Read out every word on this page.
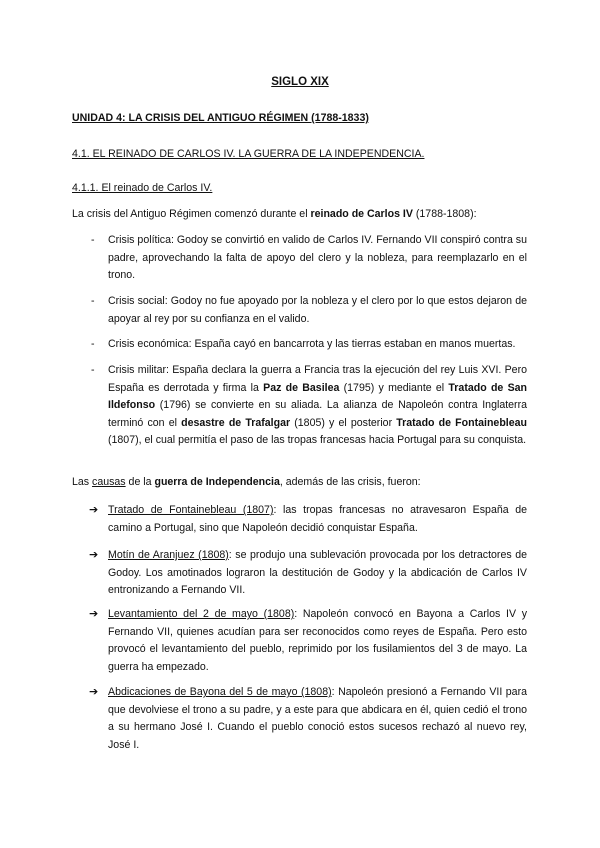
SIGLO XIX
UNIDAD 4: LA CRISIS DEL ANTIGUO RÉGIMEN (1788-1833)
4.1. EL REINADO DE CARLOS IV. LA GUERRA DE LA INDEPENDENCIA.
4.1.1. El reinado de Carlos IV.
La crisis del Antiguo Régimen comenzó durante el reinado de Carlos IV (1788-1808):
- Crisis política: Godoy se convirtió en valido de Carlos IV. Fernando VII conspiró contra su padre, aprovechando la falta de apoyo del clero y la nobleza, para reemplazarlo en el trono.
- Crisis social: Godoy no fue apoyado por la nobleza y el clero por lo que estos dejaron de apoyar al rey por su confianza en el valido.
- Crisis económica: España cayó en bancarrota y las tierras estaban en manos muertas.
- Crisis militar: España declara la guerra a Francia tras la ejecución del rey Luis XVI. Pero España es derrotada y firma la Paz de Basilea (1795) y mediante el Tratado de San Ildefonso (1796) se convierte en su aliada. La alianza de Napoleón contra Inglaterra terminó con el desastre de Trafalgar (1805) y el posterior Tratado de Fontainebleau (1807), el cual permitía el paso de las tropas francesas hacia Portugal para su conquista.
Las causas de la guerra de Independencia, además de las crisis, fueron:
➔ Tratado de Fontainebleau (1807): las tropas francesas no atravesaron España de camino a Portugal, sino que Napoleón decidió conquistar España.
➔ Motín de Aranjuez (1808): se produjo una sublevación provocada por los detractores de Godoy. Los amotinados lograron la destitución de Godoy y la abdicación de Carlos IV entronizando a Fernando VII.
➔ Levantamiento del 2 de mayo (1808): Napoleón convocó en Bayona a Carlos IV y Fernando VII, quienes acudían para ser reconocidos como reyes de España. Pero esto provocó el levantamiento del pueblo, reprimido por los fusilamientos del 3 de mayo. La guerra ha empezado.
➔ Abdicaciones de Bayona del 5 de mayo (1808): Napoleón presionó a Fernando VII para que devolviese el trono a su padre, y a este para que abdicara en él, quien cedió el trono a su hermano José I. Cuando el pueblo conoció estos sucesos rechazó al nuevo rey, José I.
